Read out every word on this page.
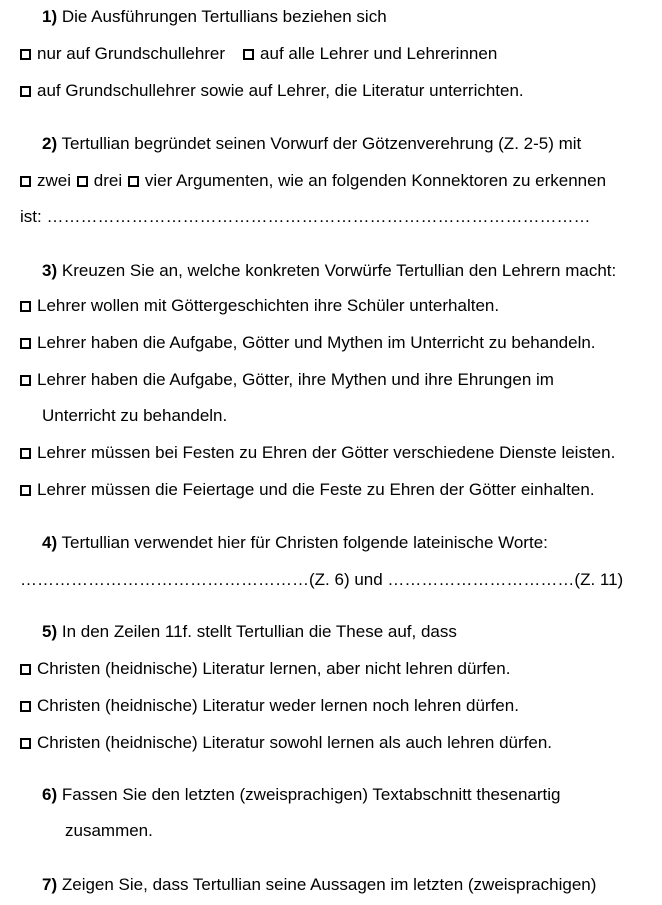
1) Die Ausführungen Tertullians beziehen sich
nur auf Grundschullehrer auf alle Lehrer und Lehrerinnen
auf Grundschullehrer sowie auf Lehrer, die Literatur unterrichten.
2) Tertullian begründet seinen Vorwurf der Götzenverehrung (Z. 2-5) mit
zwei drei vier Argumenten, wie an folgenden Konnektoren zu erkennen
ist: ……………………………………………………………………………………
3) Kreuzen Sie an, welche konkreten Vorwürfe Tertullian den Lehrern macht:
Lehrer wollen mit Göttergeschichten ihre Schüler unterhalten.
Lehrer haben die Aufgabe, Götter und Mythen im Unterricht zu behandeln.
Lehrer haben die Aufgabe, Götter, ihre Mythen und ihre Ehrungen im
Unterricht zu behandeln.
Lehrer müssen bei Festen zu Ehren der Götter verschiedene Dienste leisten.
Lehrer müssen die Feiertage und die Feste zu Ehren der Götter einhalten.
4) Tertullian verwendet hier für Christen folgende lateinische Worte:
……………………………………………(Z. 6) und ……………………………(Z. 11)
5) In den Zeilen 11f. stellt Tertullian die These auf, dass
Christen (heidnische) Literatur lernen, aber nicht lehren dürfen.
Christen (heidnische) Literatur weder lernen noch lehren dürfen.
Christen (heidnische) Literatur sowohl lernen als auch lehren dürfen.
6) Fassen Sie den letzten (zweisprachigen) Textabschnitt thesenartig
zusammen.
7) Zeigen Sie, dass Tertullian seine Aussagen im letzten (zweisprachigen)
